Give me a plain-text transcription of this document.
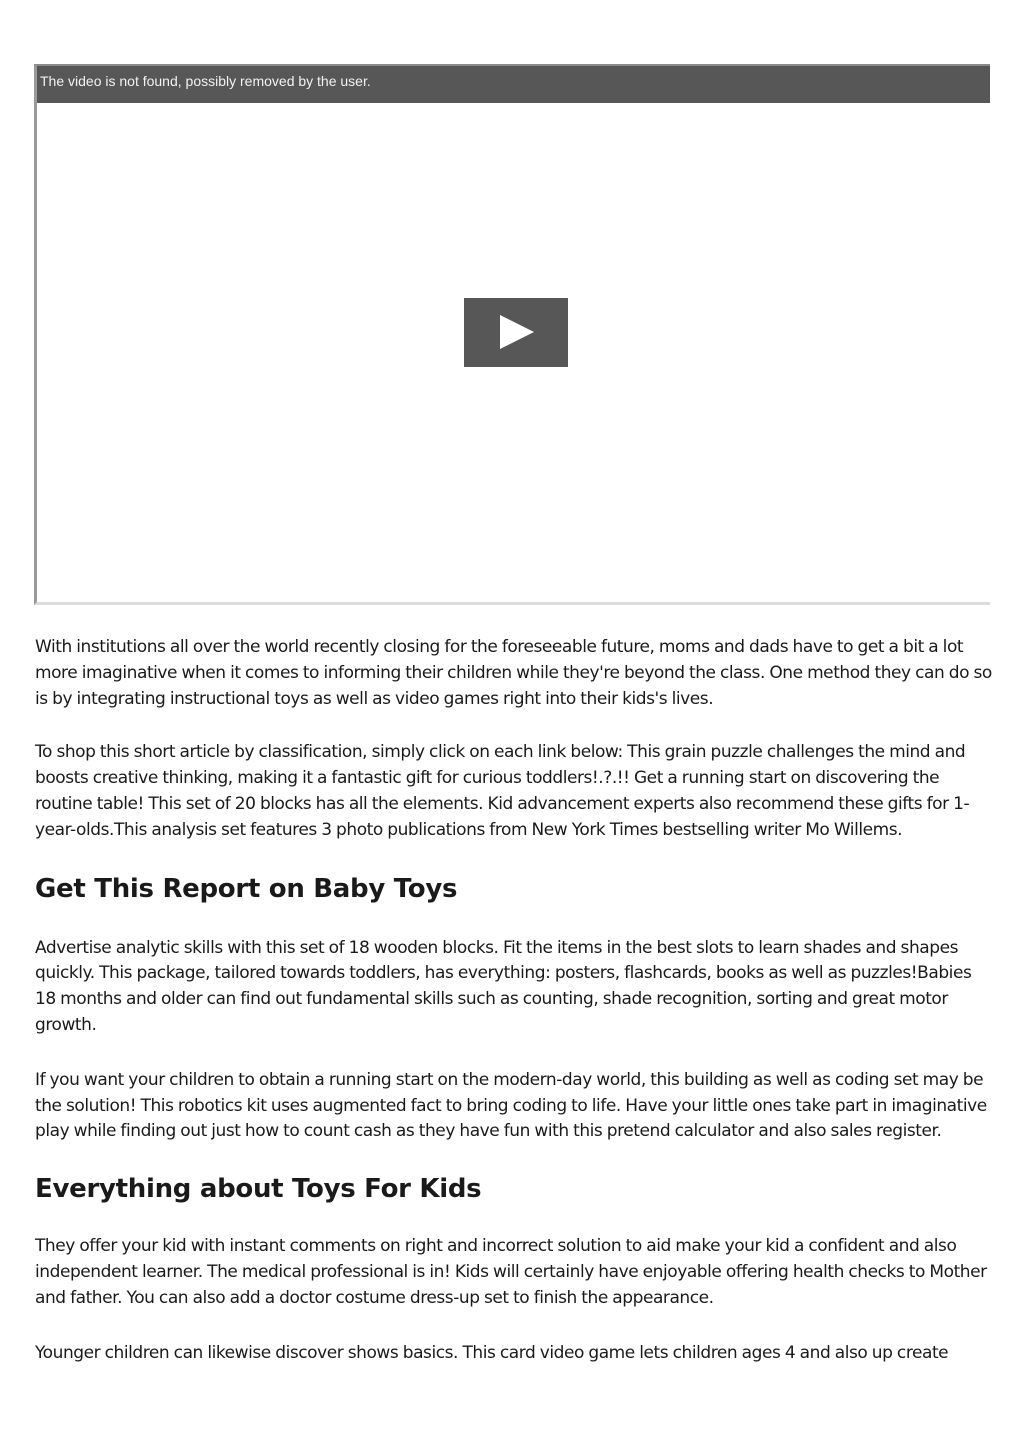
The video is not found, possibly removed by the user.

With institutions all over the world recently closing for the foreseeable future, moms and dads have to get a bit a lot more imaginative when it comes to informing their children while they're beyond the class. One method they can do so is by integrating instructional toys as well as video games right into their kids's lives.

To shop this short article by classification, simply click on each link below: This grain puzzle challenges the mind and boosts creative thinking, making it a fantastic gift for curious toddlers!.?.!! Get a running start on discovering the routine table! This set of 20 blocks has all the elements. Kid advancement experts also recommend these gifts for 1-year-olds.This analysis set features 3 photo publications from New York Times bestselling writer Mo Willems.

Get This Report on Baby Toys

Advertise analytic skills with this set of 18 wooden blocks. Fit the items in the best slots to learn shades and shapes quickly. This package, tailored towards toddlers, has everything: posters, flashcards, books as well as puzzles!Babies 18 months and older can find out fundamental skills such as counting, shade recognition, sorting and great motor growth.

If you want your children to obtain a running start on the modern-day world, this building as well as coding set may be the solution! This robotics kit uses augmented fact to bring coding to life. Have your little ones take part in imaginative play while finding out just how to count cash as they have fun with this pretend calculator and also sales register.

Everything about Toys For Kids

They offer your kid with instant comments on right and incorrect solution to aid make your kid a confident and also independent learner. The medical professional is in! Kids will certainly have enjoyable offering health checks to Mother and father. You can also add a doctor costume dress-up set to finish the appearance.

Younger children can likewise discover shows basics. This card video game lets children ages 4 and also up create
